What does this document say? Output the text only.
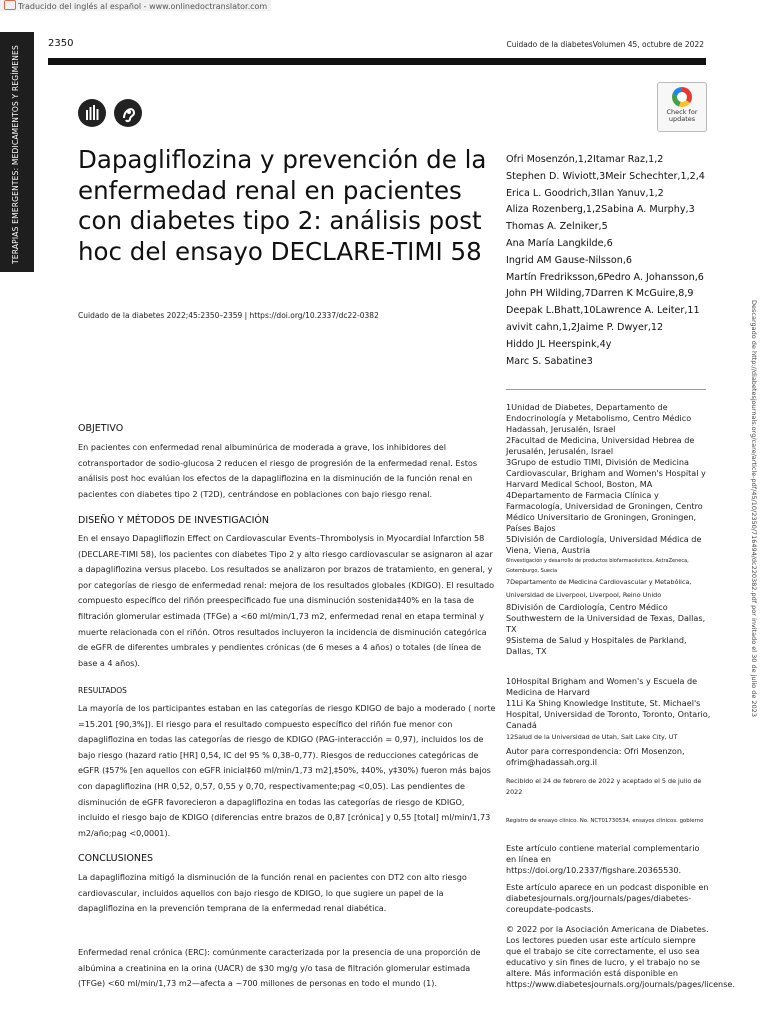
Traducido del inglés al español - www.onlinedoctranslator.com
TERAPIAS EMERGENTES: MEDICAMENTOS Y REGÍMENES
2350	Cuidado de la diabetesVolumen 45, octubre de 2022
Check for
updates
Dapagliflozina y prevención de la enfermedad renal en pacientes con diabetes tipo 2: análisis post hoc del ensayo DECLARE-TIMI 58
Cuidado de la diabetes 2022;45:2350–2359 | https://doi.org/10.2337/dc22-0382
Ofri Mosenzón,1,2Itamar Raz,1,2
Stephen D. Wiviott,3Meir Schechter,1,2,4
Erica L. Goodrich,3Ilan Yanuv,1,2
Aliza Rozenberg,1,2Sabina A. Murphy,3
Thomas A. Zelniker,5
Ana María Langkilde,6
Ingrid AM Gause-Nilsson,6
Martín Fredriksson,6Pedro A. Johansson,6
John PH Wilding,7Darren K McGuire,8,9
Deepak L.Bhatt,10Lawrence A. Leiter,11
avivit cahn,1,2Jaime P. Dwyer,12
Hiddo JL Heerspink,4y
Marc S. Sabatine3

1Unidad de Diabetes, Departamento de Endocrinología y Metabolismo, Centro Médico Hadassah, Jerusalén, Israel

2Facultad de Medicina, Universidad Hebrea de Jerusalén, Jerusalén, Israel

3Grupo de estudio TIMI, División de Medicina Cardiovascular, Brigham and Women's Hospital y Harvard Medical School, Boston, MA

4Departamento de Farmacia Clínica y Farmacología, Universidad de Groningen, Centro Médico Universitario de Groningen, Groningen, Países Bajos

5División de Cardiología, Universidad Médica de Viena, Viena, Austria

6Investigación y desarrollo de productos biofarmacéuticos, AstraZeneca, Gotemburgo, Suecia

7Departamento de Medicina Cardiovascular y Metabólica, Universidad de Liverpool, Liverpool, Reino Unido

8División de Cardiología, Centro Médico Southwestern de la Universidad de Texas, Dallas, TX

9Sistema de Salud y Hospitales de Parkland, Dallas, TX

10Hospital Brigham and Women's y Escuela de Medicina de Harvard

11Li Ka Shing Knowledge Institute, St. Michael's Hospital, Universidad de Toronto, Toronto, Ontario, Canadá

12Salud de la Universidad de Utah, Salt Lake City, UT

Autor para correspondencia: Ofri Mosenzon, ofrim@hadassah.org.il

Recibido el 24 de febrero de 2022 y aceptado el 5 de julio de 2022

Registro de ensayo clínico. No. NCT01730534, ensayos clínicos. gobierno

Este artículo contiene material complementario en línea en https://doi.org/10.2337/figshare.20365530.

Este artículo aparece en un podcast disponible en diabetesjournals.org/journals/pages/diabetes-coreupdate-podcasts.

© 2022 por la Asociación Americana de Diabetes. Los lectores pueden usar este artículo siempre que el trabajo se cite correctamente, el uso sea educativo y sin fines de lucro, y el trabajo no se altere. Más información está disponible en https://www.diabetesjournals.org/journals/pages/license.

OBJETIVO

En pacientes con enfermedad renal albuminúrica de moderada a grave, los inhibidores del cotransportador de sodio-glucosa 2 reducen el riesgo de progresión de la enfermedad renal. Estos análisis post hoc evalúan los efectos de la dapagliflozina en la disminución de la función renal en pacientes con diabetes tipo 2 (T2D), centrándose en poblaciones con bajo riesgo renal.

DISEÑO Y MÉTODOS DE INVESTIGACIÓN

En el ensayo Dapagliflozin Effect on Cardiovascular Events–Thrombolysis in Myocardial Infarction 58 (DECLARE-TIMI 58), los pacientes con diabetes Tipo 2 y alto riesgo cardiovascular se asignaron al azar a dapagliflozina versus placebo. Los resultados se analizaron por brazos de tratamiento, en general, y por categorías de riesgo de enfermedad renal: mejora de los resultados globales (KDIGO). El resultado compuesto específico del riñón preespecificado fue una disminución sostenida‡40% en la tasa de filtración glomerular estimada (TFGe) a <60 ml/min/1,73 m2, enfermedad renal en etapa terminal y muerte relacionada con el riñón. Otros resultados incluyeron la incidencia de disminución categórica de eGFR de diferentes umbrales y pendientes crónicas (de 6 meses a 4 años) o totales (de línea de base a 4 años).

RESULTADOS

La mayoría de los participantes estaban en las categorías de riesgo KDIGO de bajo a moderado ( norte =15.201 [90,3%]). El riesgo para el resultado compuesto específico del riñón fue menor con dapagliflozina en todas las categorías de riesgo de KDIGO (PAG-interacción = 0,97), incluidos los de bajo riesgo (hazard ratio [HR] 0,54, IC del 95 % 0,38–0,77). Riesgos de reducciones categóricas de eGFR (‡57% [en aquellos con eGFR inicial‡60 ml/min/1,73 m2],‡50%, ‡40%, y‡30%) fueron más bajos con dapagliflozina (HR 0,52, 0,57, 0,55 y 0,70, respectivamente;pag <0,05). Las pendientes de disminución de eGFR favorecieron a dapagliflozina en todas las categorías de riesgo de KDIGO, incluido el riesgo bajo de KDIGO (diferencias entre brazos de 0,87 [crónica] y 0,55 [total] ml/min/1,73 m2/año;pag <0,0001).

CONCLUSIONES

La dapagliflozina mitigó la disminución de la función renal en pacientes con DT2 con alto riesgo cardiovascular, incluidos aquellos con bajo riesgo de KDIGO, lo que sugiere un papel de la dapagliflozina en la prevención temprana de la enfermedad renal diabética.

Enfermedad renal crónica (ERC): comúnmente caracterizada por la presencia de una proporción de albúmina a creatinina en la orina (UACR) de $30 mg/g y/o tasa de filtración glomerular estimada (TFGe) <60 ml/min/1,73 m2—afecta a ~700 millones de personas en todo el mundo (1).

Descargado de http://diabetesjournals.org/care/article-pdf/45/10/2350/716494/dc220382.pdf por invitado el 30 de julio de 2023
